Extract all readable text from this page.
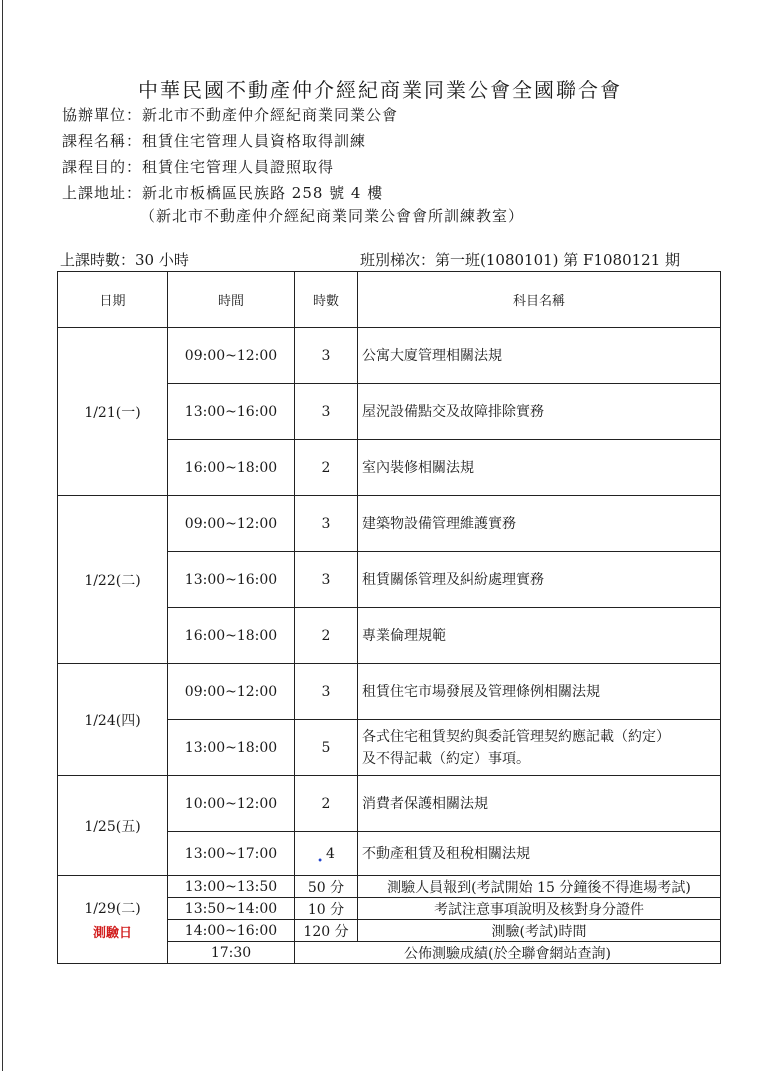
中華民國不動產仲介經紀商業同業公會全國聯合會
協辦單位：新北市不動產仲介經紀商業同業公會
課程名稱：租賃住宅管理人員資格取得訓練
課程目的：租賃住宅管理人員證照取得
上課地址：新北市板橋區民族路 258 號 4 樓
（新北市不動產仲介經紀商業同業公會會所訓練教室）
上課時數：30 小時	班別梯次：第一班(1080101) 第 F1080121 期
日期	時間	時數	科目名稱
1/21(一)	09:00~12:00	3	公寓大廈管理相關法規
	13:00~16:00	3	屋況設備點交及故障排除實務
	16:00~18:00	2	室內裝修相關法規
1/22(二)	09:00~12:00	3	建築物設備管理維護實務
	13:00~16:00	3	租賃關係管理及糾紛處理實務
	16:00~18:00	2	專業倫理規範
1/24(四)	09:00~12:00	3	租賃住宅市場發展及管理條例相關法規
	13:00~18:00	5	各式住宅租賃契約與委託管理契約應記載（約定）
及不得記載（約定）事項。
1/25(五)	10:00~12:00	2	消費者保護相關法規
	13:00~17:00	$_•$ 4	不動產租賃及租稅相關法規
1/29(二)
測驗日	13:00~13:50	50 分	測驗人員報到(考試開始 15 分鐘後不得進場考試)
	13:50~14:00	10 分	考試注意事項說明及核對身分證件
	14:00~16:00	120 分	測驗(考試)時間
	17:30	公佈測驗成績(於全聯會網站查詢)	
